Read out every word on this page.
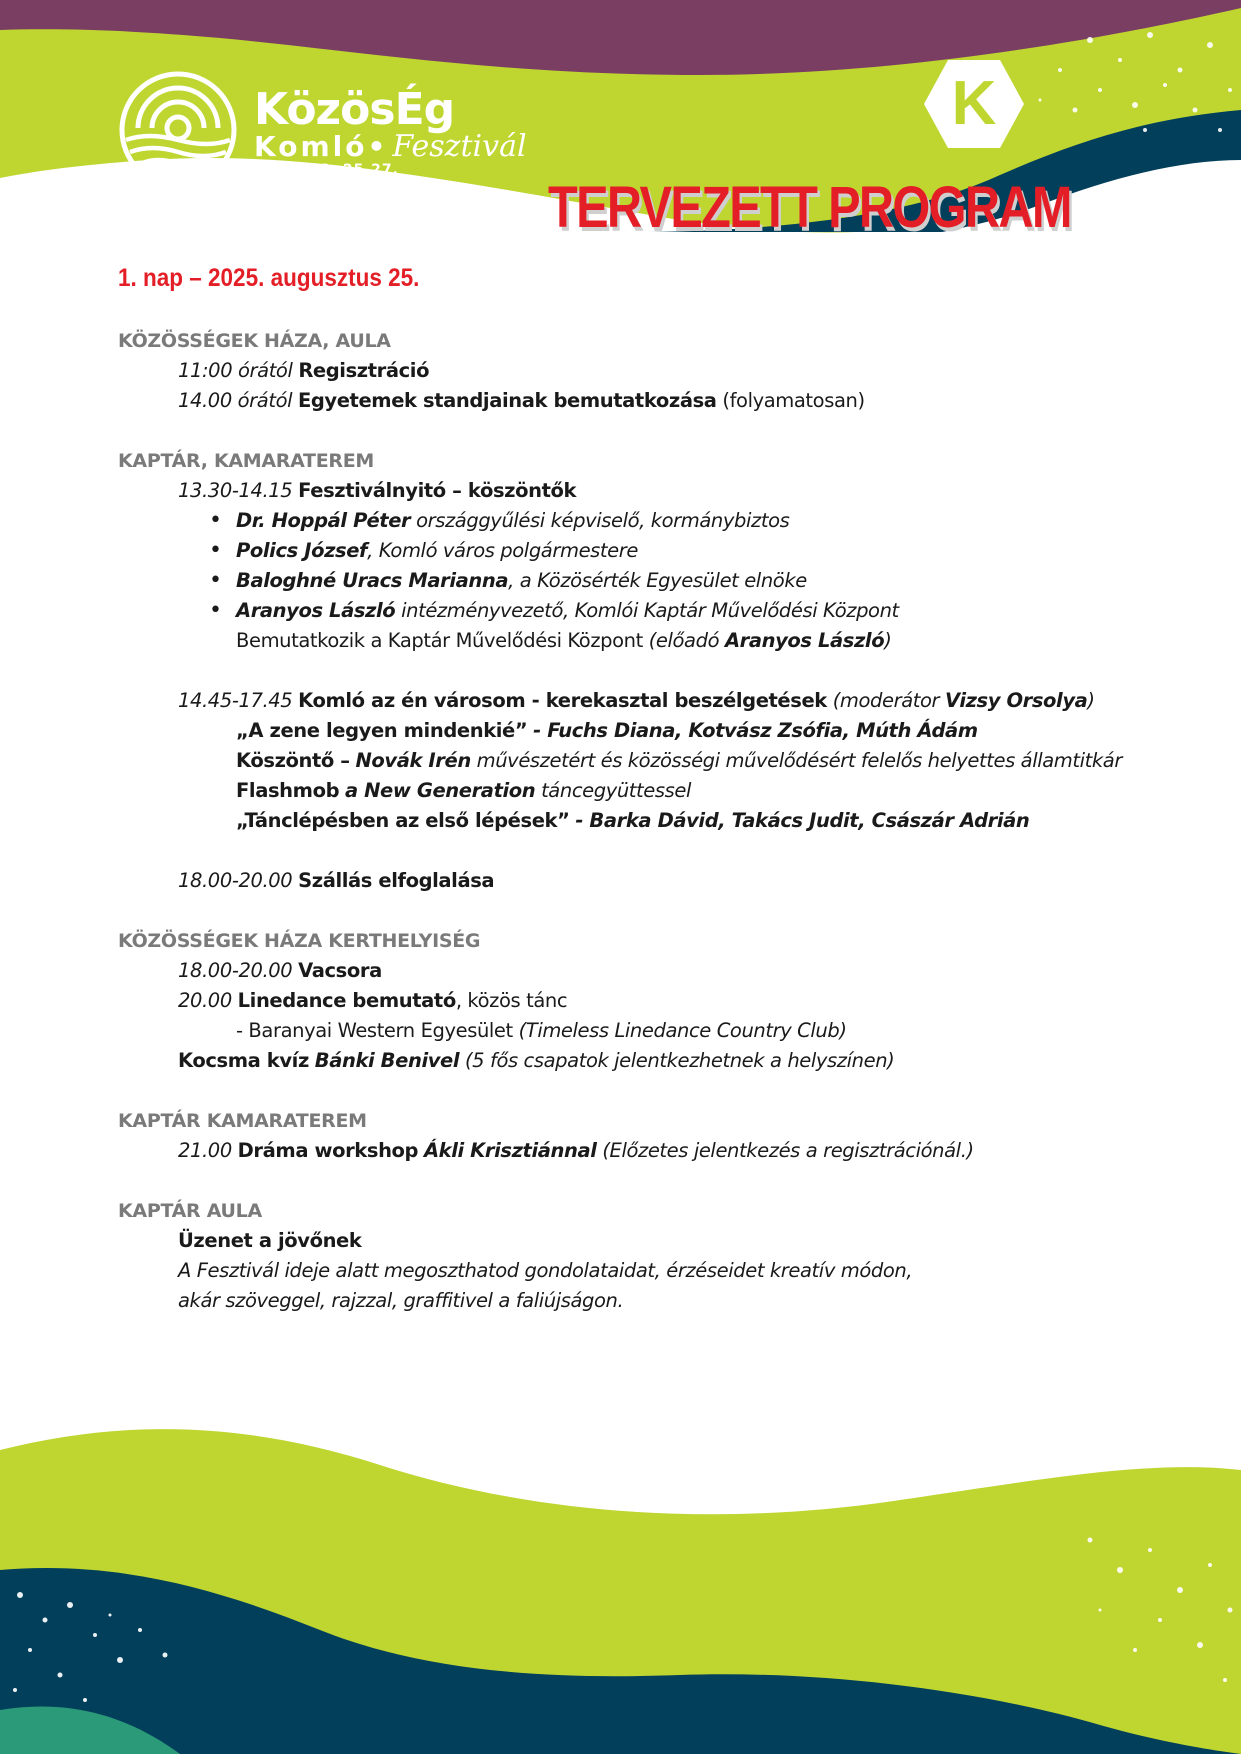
KözösÉg
Komló• Fesztivál
2025. 08. 25-27.
K
TERVEZETT PROGRAM
1. nap – 2025. augusztus 25.
KÖZÖSSÉGEK HÁZA, AULA
11:00 órától Regisztráció
14.00 órától Egyetemek standjainak bemutatkozása (folyamatosan)
KAPTÁR, KAMARATEREM
13.30-14.15 Fesztiválnyitó – köszöntők
• Dr. Hoppál Péter országgyűlési képviselő, kormánybiztos
• Polics József, Komló város polgármestere
• Baloghné Uracs Marianna, a Közösérték Egyesület elnöke
• Aranyos László intézményvezető, Komlói Kaptár Művelődési Központ
Bemutatkozik a Kaptár Művelődési Központ (előadó Aranyos László)
14.45-17.45 Komló az én városom - kerekasztal beszélgetések (moderátor Vizsy Orsolya)
„A zene legyen mindenkié” - Fuchs Diana, Kotvász Zsófia, Múth Ádám
Köszöntő – Novák Irén művészetért és közösségi művelődésért felelős helyettes államtitkár
Flashmob a New Generation táncegyüttessel
„Tánclépésben az első lépések” - Barka Dávid, Takács Judit, Császár Adrián
18.00-20.00 Szállás elfoglalása
KÖZÖSSÉGEK HÁZA KERTHELYISÉG
18.00-20.00 Vacsora
20.00 Linedance bemutató, közös tánc
- Baranyai Western Egyesület (Timeless Linedance Country Club)
Kocsma kvíz Bánki Benivel (5 fős csapatok jelentkezhetnek a helyszínen)
KAPTÁR KAMARATEREM
21.00 Dráma workshop Ákli Krisztiánnal (Előzetes jelentkezés a regisztrációnál.)
KAPTÁR AULA
Üzenet a jövőnek
A Fesztivál ideje alatt megoszthatod gondolataidat, érzéseidet kreatív módon,
akár szöveggel, rajzzal, graffitivel a faliújságon.
